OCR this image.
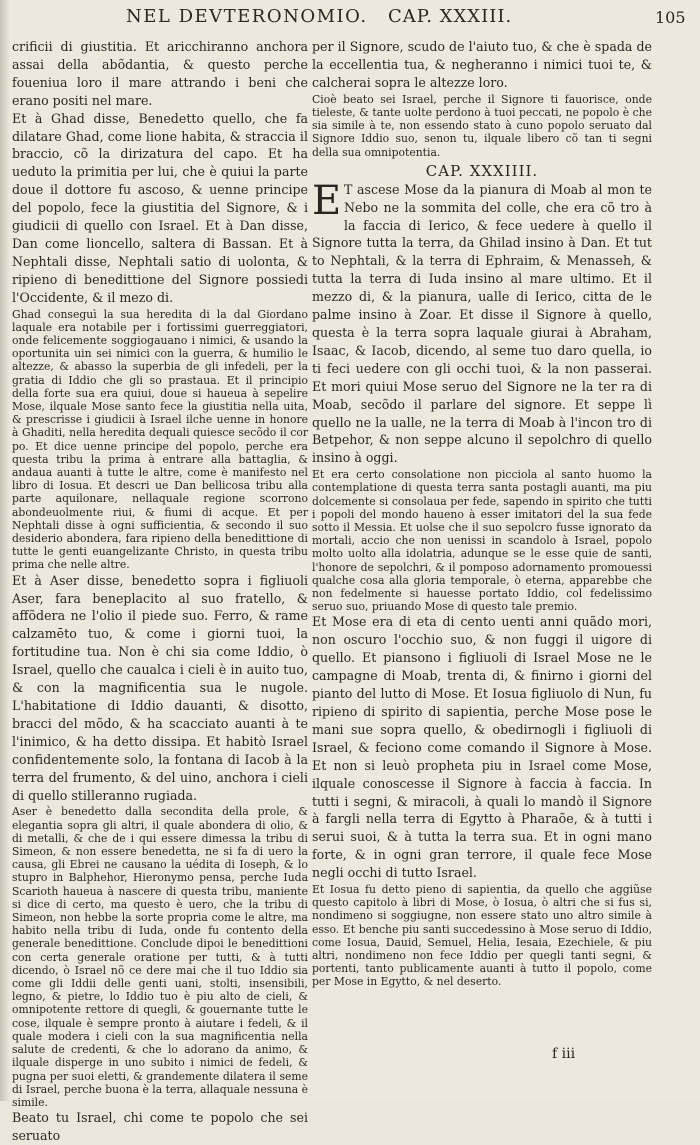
NEL DEVTERONOMIO. CAP. XXXIII.	105

crificii di giustitia. Et aricchiranno anchora assai della abõdantia, & questo perche foueniua loro il mare attrando i beni che erano positi nel mare.

Et à Ghad disse, Benedetto quello, che fa dilatare Ghad, come lione habita, & straccia il braccio, cõ la dirizatura del capo. Et ha ueduto la primitia per lui, che è quiui la parte doue il dottore fu ascoso, & uenne principe del popolo, fece la giustitia del Signore, & i giudicii di quello con Israel. Et à Dan disse, Dan come lioncello, saltera di Bassan. Et à Nephtali disse, Nephtali satio di uolonta, & ripieno di benedittione del Signore possiedi l'Occidente, & il mezo di.

Ghad conseguì la sua heredita di la dal Giordano laquale era notabile per i fortissimi guerreggiatori, onde felicemente soggiogauano i nimici, & usando la oportunita uin sei nimici con la guerra, & humilio le altezze, & abasso la superbia de gli infedeli, per la gratia di Iddio che gli so prastaua. Et il principio della forte sua era quiui, doue si haueua à sepelire Mose, ilquale Mose santo fece la giustitia nella uita, & prescrisse i giudicii à Israel ilche uenne in honore à Ghaditi, nella heredita dequali quiesce secõdo il cor po. Et dice uenne principe del popolo, perche era questa tribu la prima à entrare alla battaglia, & andaua auanti à tutte le altre, come è manifesto nel libro di Iosua. Et descri ue Dan bellicosa tribu alla parte aquilonare, nellaquale regione scorrono abondeuolmente riui, & fiumi di acque. Et per Nephtali disse à ogni sufficientia, & secondo il suo desiderio abondera, fara ripieno della benedittione di tutte le genti euangelizante Christo, in questa tribu prima che nelle altre.

Et à Aser disse, benedetto sopra i figliuoli Aser, fara beneplacito al suo fratello, & affõdera ne l'olio il piede suo. Ferro, & rame calzamēto tuo, & come i giorni tuoi, la fortitudine tua. Non è chi sia come Iddio, ò Israel, quello che caualca i cieli è in auito tuo, & con la magnificentia sua le nugole. L'habitatione di Iddio dauanti, & disotto, bracci del mõdo, & ha scacciato auanti à te l'inimico, & ha detto dissipa. Et habitò Israel confidentemente solo, la fontana di Iacob à la terra del frumento, & del uino, anchora i cieli di quello stilleranno rugiada.

Aser è benedetto dalla secondita della prole, & elegantia sopra gli altri, il quale abondera di olio, & di metalli, & che de i qui essere dimessa la tribu di Simeon, & non essere benedetta, ne si fa di uero la causa, gli Ebrei ne causano la uédita di Ioseph, & lo stupro in Balphehor, Hieronymo pensa, perche Iuda Scarioth haueua à nascere di questa tribu, maniente si dice di certo, ma questo è uero, che la tribu di Simeon, non hebbe la sorte propria come le altre, ma habito nella tribu di Iuda, onde fu contento della generale benedittione. Conclude dipoi le benedittioni con certa generale oratione per tutti, & à tutti dicendo, ò Israel nõ ce dere mai che il tuo Iddio sia come gli Iddii delle genti uani, stolti, insensibili, legno, & pietre, lo Iddio tuo è piu alto de cieli, & omnipotente rettore di quegli, & gouernante tutte le cose, ilquale è sempre pronto à aiutare i fedeli, & il quale modera i cieli con la sua magnificentia nella salute de credenti, & che lo adorano da animo, & ilquale disperge in uno subito i nimici de fedeli, & pugna per suoi eletti, & grandemente dilatera il seme di Israel, perche buona è la terra, allaquale nessuna è simile.

Beato tu Israel, chi come te popolo che sei seruato

per il Signore, scudo de l'aiuto tuo, & che è spada de la eccellentia tua, & negheranno i nimici tuoi te, & calcherai sopra le altezze loro.

Cioè beato sei Israel, perche il Signore ti fauorisce, onde tieleste, & tante uolte perdono à tuoi peccati, ne popolo è che sia simile à te, non essendo stato à cuno popolo seruato dal Signore Iddio suo, senon tu, ilquale libero cõ tan ti segni della sua omnipotentia.

CAP. XXXIIII.

E T ascese Mose da la pianura di Moab al mon te Nebo ne la sommita del colle, che era cõ tro à la faccia di Ierico, & fece uedere à quello il Signore tutta la terra, da Ghilad insino à Dan. Et tut to Nephtali, & la terra di Ephraim, & Menasseh, & tutta la terra di Iuda insino al mare ultimo. Et il mezzo di, & la pianura, ualle di Ierico, citta de le palme insino à Zoar. Et disse il Signore à quello, questa è la terra sopra laquale giurai à Abraham, Isaac, & Iacob, dicendo, al seme tuo daro quella, io ti feci uedere con gli occhi tuoi, & la non passerai. Et mori quiui Mose seruo del Signore ne la ter ra di Moab, secõdo il parlare del signore. Et seppe lì quello ne la ualle, ne la terra di Moab à l'incon tro di Betpehor, & non seppe alcuno il sepolchro di quello insino à oggi.

Et era certo consolatione non picciola al santo huomo la contemplatione di questa terra santa postagli auanti, ma piu dolcemente si consolaua per fede, sapendo in spirito che tutti i popoli del mondo haueno à esser imitatori del la sua fede sotto il Messia. Et uolse che il suo sepolcro fusse ignorato da mortali, accio che non uenissi in scandolo à Israel, popolo molto uolto alla idolatria, adunque se le esse quie de santi, l'honore de sepolchri, & il pomposo adornamento promouessi qualche cosa alla gloria temporale, ò eterna, apparebbe che non fedelmente si hauesse portato Iddio, col fedelissimo seruo suo, priuando Mose di questo tale premio.

Et Mose era di eta di cento uenti anni quãdo mori, non oscuro l'occhio suo, & non fuggi il uigore di quello. Et piansono i figliuoli di Israel Mose ne le campagne di Moab, trenta di, & finirno i giorni del pianto del lutto di Mose. Et Iosua figliuolo di Nun, fu ripieno di spirito di sapientia, perche Mose pose le mani sue sopra quello, & obedirnogli i figliuoli di Israel, & feciono come comando il Signore à Mose. Et non si leuò propheta piu in Israel come Mose, ilquale conoscesse il Signore à faccia à faccia. In tutti i segni, & miracoli, à quali lo mandò il Signore à fargli nella terra di Egytto à Pharaõe, & à tutti i serui suoi, & à tutta la terra sua. Et in ogni mano forte, & in ogni gran terrore, il quale fece Mose negli occhi di tutto Israel.

Et Iosua fu detto pieno di sapientia, da quello che aggiũse questo capitolo à libri di Mose, ò Iosua, ò altri che si fus si, nondimeno si soggiugne, non essere stato uno altro simile à esso. Et benche piu santi succedessino à Mose seruo di Iddio, come Iosua, Dauid, Semuel, Helia, Iesaia, Ezechiele, & piu altri, nondimeno non fece Iddio per quegli tanti segni, & portenti, tanto publicamente auanti à tutto il popolo, come per Mose in Egytto, & nel deserto.

f iii
